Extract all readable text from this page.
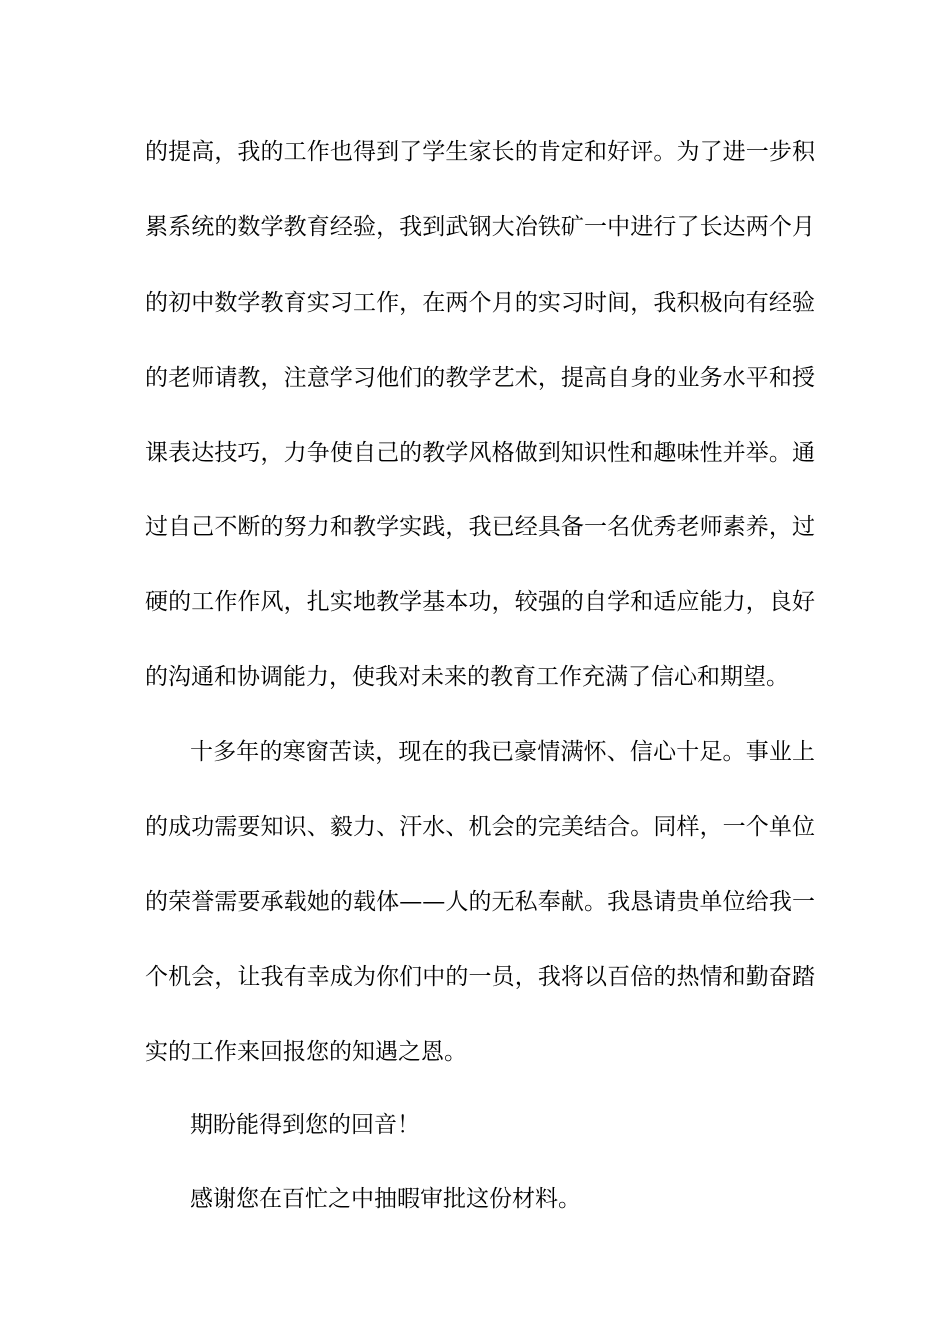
的提高，我的工作也得到了学生家长的肯定和好评。为了进一步积
累系统的数学教育经验，我到武钢大冶铁矿一中进行了长达两个月
的初中数学教育实习工作，在两个月的实习时间，我积极向有经验
的老师请教，注意学习他们的教学艺术，提高自身的业务水平和授
课表达技巧，力争使自己的教学风格做到知识性和趣味性并举。通
过自己不断的努力和教学实践，我已经具备一名优秀老师素养，过
硬的工作作风，扎实地教学基本功，较强的自学和适应能力，良好
的沟通和协调能力，使我对未来的教育工作充满了信心和期望。
十多年的寒窗苦读，现在的我已豪情满怀、信心十足。事业上
的成功需要知识、毅力、汗水、机会的完美结合。同样，一个单位
的荣誉需要承载她的载体——人的无私奉献。我恳请贵单位给我一
个机会，让我有幸成为你们中的一员，我将以百倍的热情和勤奋踏
实的工作来回报您的知遇之恩。
期盼能得到您的回音！
感谢您在百忙之中抽暇审批这份材料。
